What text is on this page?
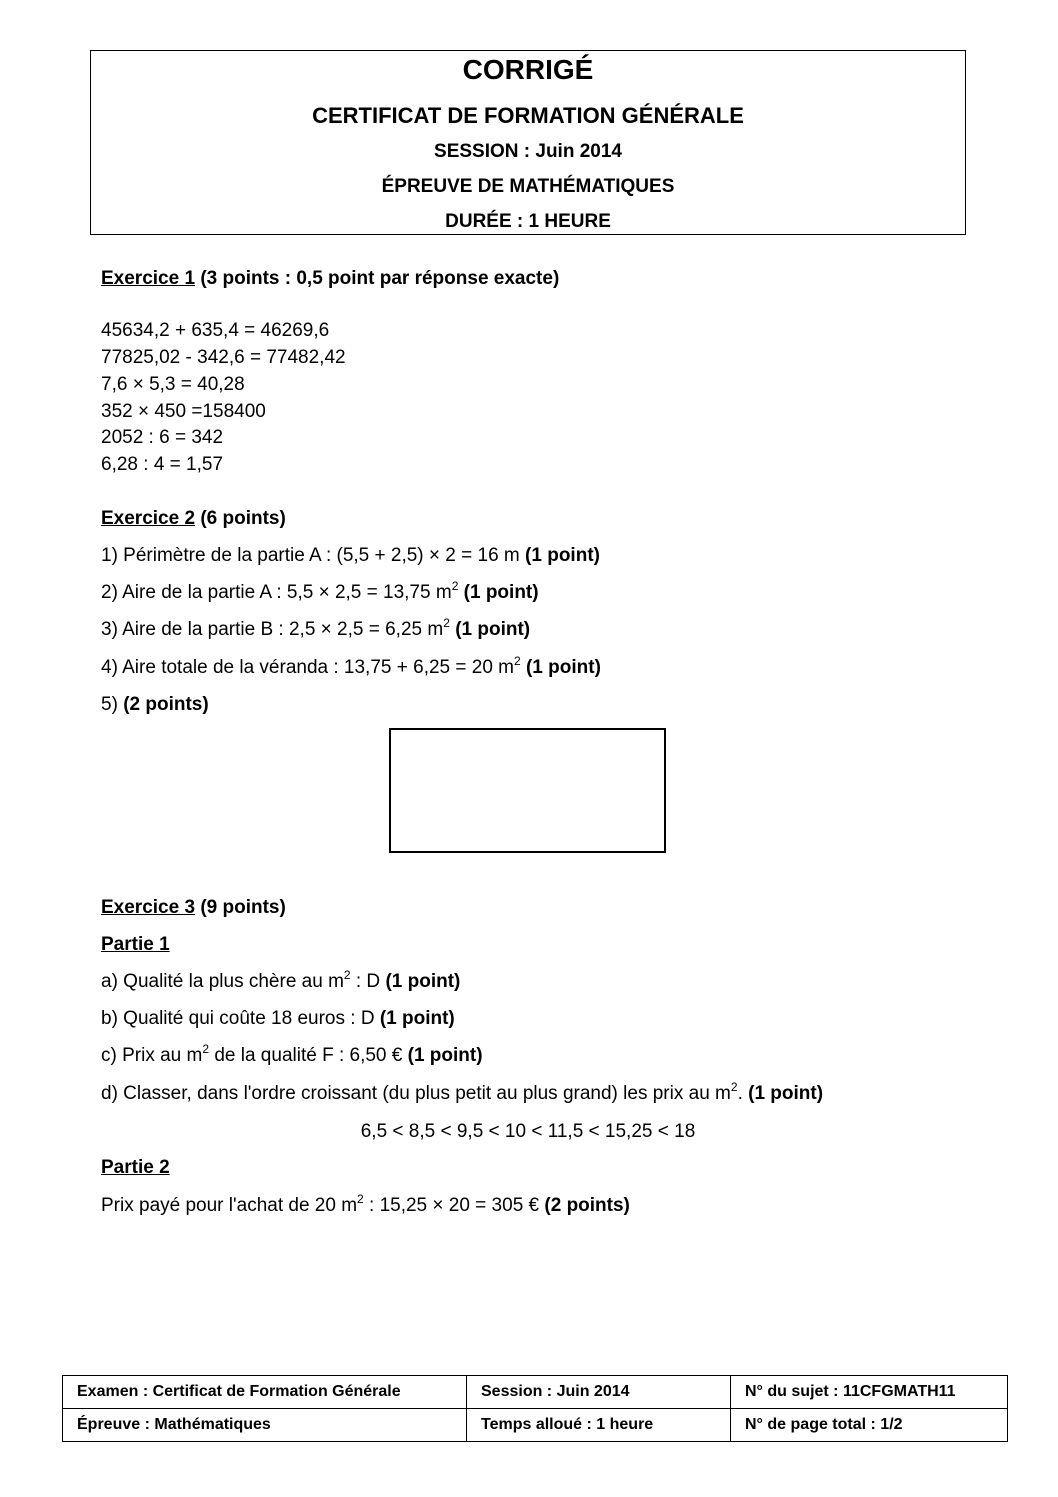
CORRIGÉ
CERTIFICAT DE FORMATION GÉNÉRALE
SESSION : Juin 2014
ÉPREUVE DE MATHÉMATIQUES
DURÉE : 1 HEURE
Exercice 1 (3 points : 0,5 point par réponse exacte)
45634,2 + 635,4 = 46269,6
77825,02 - 342,6 = 77482,42
7,6 × 5,3 = 40,28
352 × 450 =158400
2052 : 6 = 342
6,28 : 4 = 1,57
Exercice 2 (6 points)
1) Périmètre de la partie A : (5,5 + 2,5) × 2 = 16 m (1 point)
2) Aire de la partie A : 5,5 × 2,5 = 13,75 $m^2$ (1 point)
3) Aire de la partie B : 2,5 × 2,5 = 6,25 $m^2$ (1 point)
4) Aire totale de la véranda : 13,75 + 6,25 = 20 $m^2$ (1 point)
5) (2 points)
Exercice 3 (9 points)
Partie 1
a) Qualité la plus chère au $m^2$ : D (1 point)
b) Qualité qui coûte 18 euros : D (1 point)
c) Prix au $m^2$ de la qualité F : 6,50 € (1 point)
d) Classer, dans l'ordre croissant (du plus petit au plus grand) les prix au $m^2$. (1 point)
6,5 < 8,5 < 9,5 < 10 < 11,5 < 15,25 < 18
Partie 2
Prix payé pour l'achat de 20 $m^2$ : 15,25 × 20 = 305 € (2 points)
Examen : Certificat de Formation Générale	Session : Juin 2014	N° du sujet : 11CFGMATH11
Épreuve : Mathématiques	Temps alloué : 1 heure	N° de page total : 1/2
